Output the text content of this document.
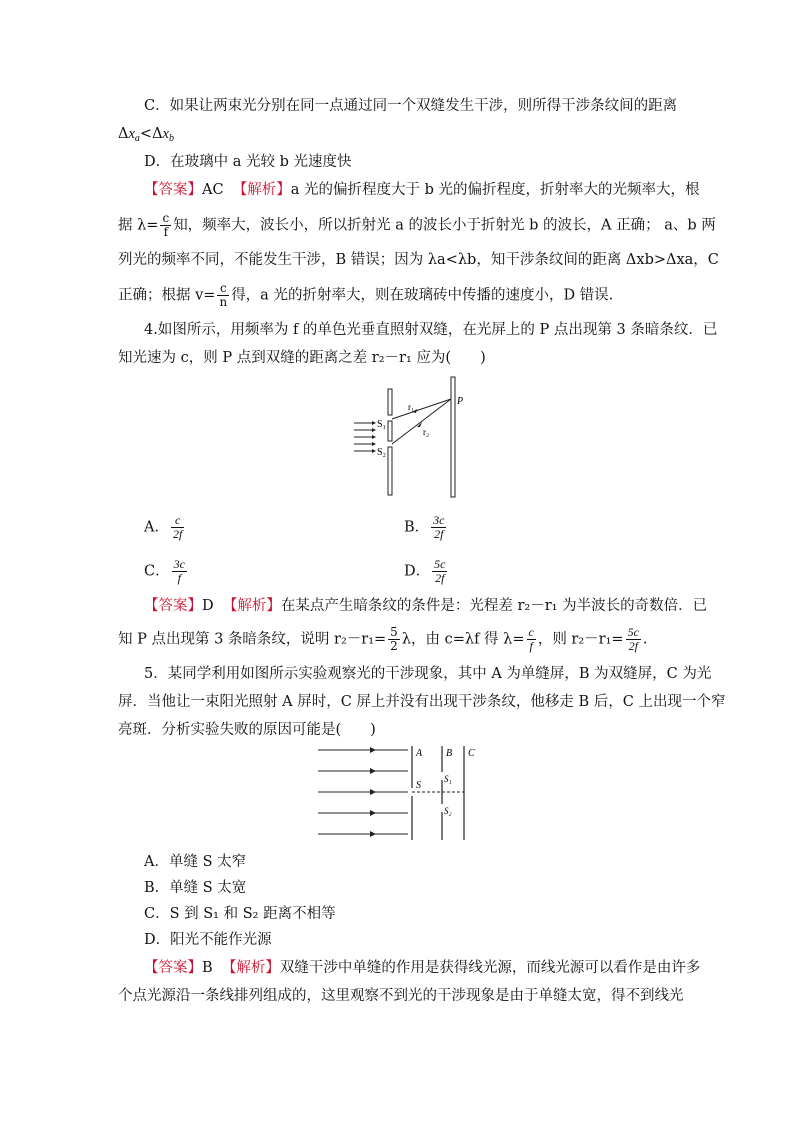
C．如果让两束光分别在同一点通过同一个双缝发生干涉，则所得干涉条纹间的距离
$\Delta x_a<\Delta x_b$
D．在玻璃中 a 光较 b 光速度快
【答案】AC 【解析】a 光的偏折程度大于 b 光的偏折程度，折射率大的光频率大，根
据 $\lambda= \frac{c}{f}$ 知，频率大，波长小，所以折射光 a 的波长小于折射光 b 的波长，A 正确； a、b 两
列光的频率不同，不能发生干涉，B 错误；因为 λa<λb，知干涉条纹间的距离 Δxb>Δxa，C
正确；根据 $v= \frac{c}{n}$ 得，a 光的折射率大，则在玻璃砖中传播的速度小，D 错误.
4.如图所示，用频率为 f 的单色光垂直照射双缝，在光屏上的 P 点出现第 3 条暗条纹．已
知光速为 c，则 P 点到双缝的距离之差 r₂－r₁ 应为(　　)
S₁
S₂
r₁
r₂
P
A． $\frac{c}{2f}$	B． $\frac{3c}{2f}$
C． $\frac{3c}{f}$	D． $\frac{5c}{2f}$
【答案】D 【解析】在某点产生暗条纹的条件是：光程差 r₂－r₁ 为半波长的奇数倍．已
知 P 点出现第 3 条暗条纹，说明 $r_2-r_1= \frac{5}{2}$ λ，由 c=λf 得 $\lambda= \frac{c}{f}$ ，则 $r_2-r_1= \frac{5c}{2f}$ .
5．某同学利用如图所示实验观察光的干涉现象，其中 A 为单缝屏，B 为双缝屏，C 为光
屏．当他让一束阳光照射 A 屏时，C 屏上并没有出现干涉条纹，他移走 B 后，C 上出现一个窄
亮斑．分析实验失败的原因可能是(　　)
A B C
S
S₁
S₂
A．单缝 S 太窄
B．单缝 S 太宽
C．S 到 S₁ 和 S₂ 距离不相等
D．阳光不能作光源
【答案】B 【解析】双缝干涉中单缝的作用是获得线光源，而线光源可以看作是由许多
个点光源沿一条线排列组成的，这里观察不到光的干涉现象是由于单缝太宽，得不到线光
